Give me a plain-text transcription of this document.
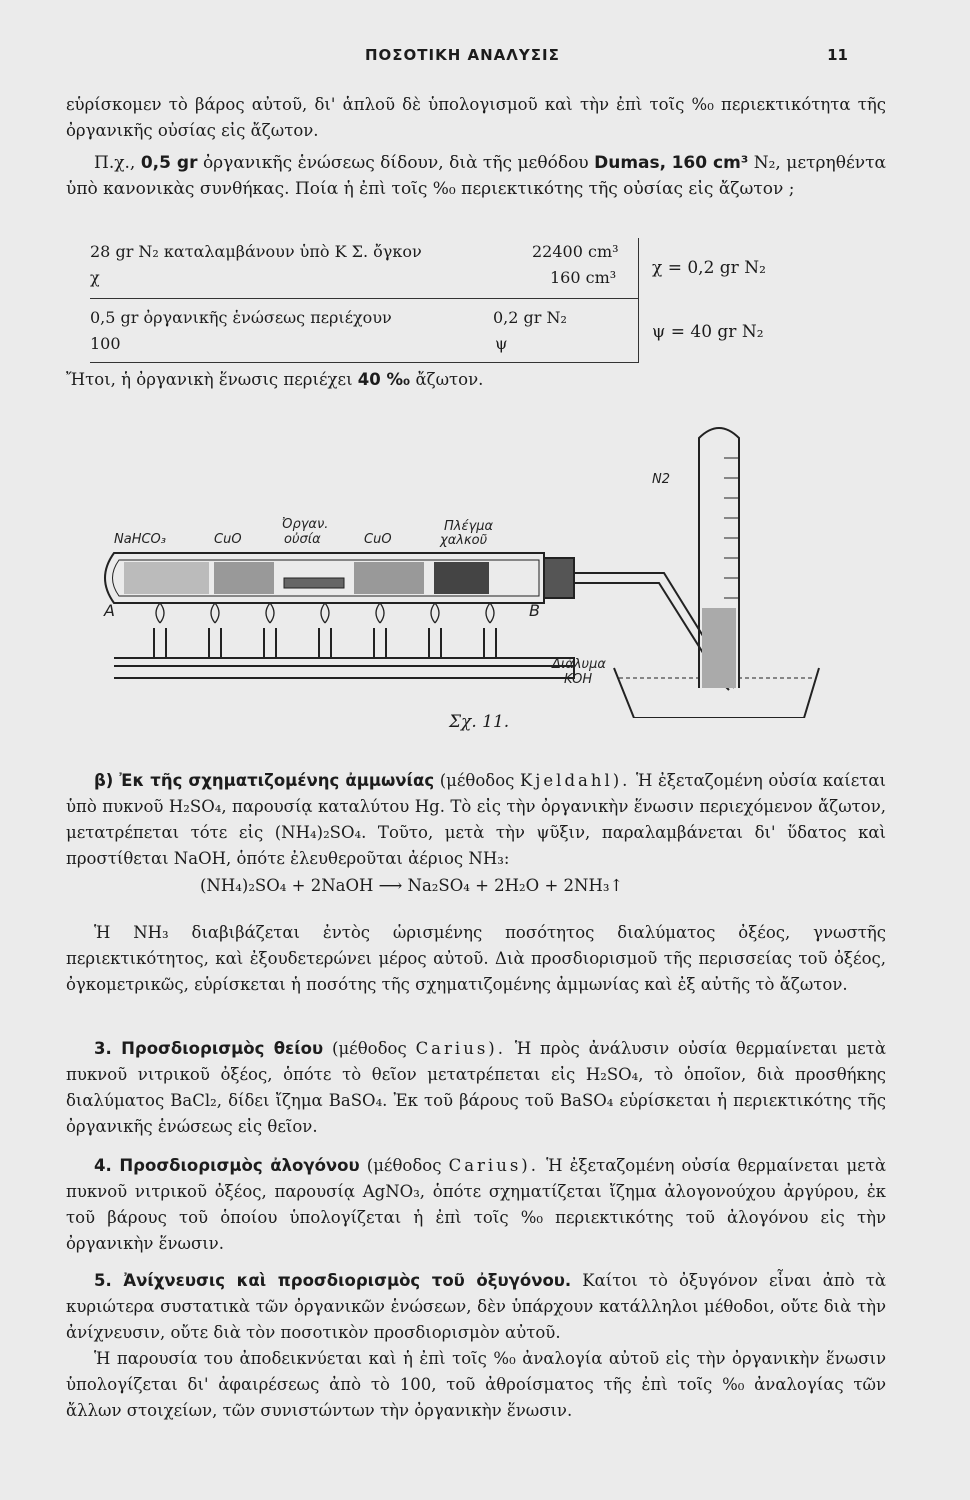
ΠΟΣΟΤΙΚΗ ΑΝΑΛΥΣΙΣ	11

εὑρίσκομεν τὸ βάρος αὐτοῦ, δι' ἁπλοῦ δὲ ὑπολογισμοῦ καὶ τὴν ἐπὶ τοῖς %₀ περιεκτικότητα τῆς ὀργανικῆς οὐσίας εἰς ἄζωτον.

Π.χ., 0,5 gr ὀργανικῆς ἑνώσεως δίδουν, διὰ τῆς μεθόδου Dumas, 160 cm³ N₂, μετρηθέντα ὑπὸ κανονικὰς συνθήκας. Ποία ἡ ἐπὶ τοῖς %₀ περιεκτικότης τῆς οὐσίας εἰς ἄζωτον ;

28 gr N₂ καταλαμβάνουν ὑπὸ Κ Σ. ὄγκον	22400 cm³
χ	160 cm³
0,5 gr ὀργανικῆς ἑνώσεως περιέχουν	0,2 gr N₂
100	ψ
χ = 0,2 gr N₂
ψ = 40 gr N₂

Ἤτοι, ἡ ὀργανικὴ ἕνωσις περιέχει 40 %₀ ἄζωτον.

NaHCO₃	CuO
Ὀργαν.
οὐσία	CuO
Πλέγμα
χαλκοῦ
A	B
N2
Διάλυμα
KOH
Σχ. 11.

β) Ἐκ τῆς σχηματιζομένης ἀμμωνίας (μέθοδος Kjeldahl). Ἡ ἐξεταζομένη οὐσία καίεται ὑπὸ πυκνοῦ H₂SO₄, παρουσίᾳ καταλύτου Hg. Τὸ εἰς τὴν ὀργανικὴν ἕνωσιν περιεχόμενον ἄζωτον, μετατρέπεται τότε εἰς (NH₄)₂SO₄. Τοῦτο, μετὰ τὴν ψῦξιν, παραλαμβάνεται δι' ὕδατος καὶ προστίθεται NaOH, ὁπότε ἐλευθεροῦται ἀέριος NH₃:

(NH₄)₂SO₄ + 2NaOH ⟶ Na₂SO₄ + 2H₂O + 2NH₃↑

Ἡ NH₃ διαβιβάζεται ἐντὸς ὡρισμένης ποσότητος διαλύματος ὀξέος, γνωστῆς περιεκτικότητος, καὶ ἐξουδετερώνει μέρος αὐτοῦ. Διὰ προσδιορισμοῦ τῆς περισσείας τοῦ ὀξέος, ὀγκομετρικῶς, εὑρίσκεται ἡ ποσότης τῆς σχηματιζομένης ἀμμωνίας καὶ ἐξ αὐτῆς τὸ ἄζωτον.

3. Προσδιορισμὸς θείου (μέθοδος Carius). Ἡ πρὸς ἀνάλυσιν οὐσία θερμαίνεται μετὰ πυκνοῦ νιτρικοῦ ὀξέος, ὁπότε τὸ θεῖον μετατρέπεται εἰς H₂SO₄, τὸ ὁποῖον, διὰ προσθήκης διαλύματος BaCl₂, δίδει ἴζημα BaSO₄. Ἐκ τοῦ βάρους τοῦ BaSO₄ εὑρίσκεται ἡ περιεκτικότης τῆς ὀργανικῆς ἑνώσεως εἰς θεῖον.

4. Προσδιορισμὸς ἀλογόνου (μέθοδος Carius). Ἡ ἐξεταζομένη οὐσία θερμαίνεται μετὰ πυκνοῦ νιτρικοῦ ὀξέος, παρουσίᾳ AgNO₃, ὁπότε σχηματίζεται ἴζημα ἀλογονούχου ἀργύρου, ἐκ τοῦ βάρους τοῦ ὁποίου ὑπολογίζεται ἡ ἐπὶ τοῖς %₀ περιεκτικότης τοῦ ἀλογόνου εἰς τὴν ὀργανικὴν ἕνωσιν.

5. Ἀνίχνευσις καὶ προσδιορισμὸς τοῦ ὀξυγόνου. Καίτοι τὸ ὀξυγόνον εἶναι ἀπὸ τὰ κυριώτερα συστατικὰ τῶν ὀργανικῶν ἑνώσεων, δὲν ὑπάρχουν κατάλληλοι μέθοδοι, οὔτε διὰ τὴν ἀνίχνευσιν, οὔτε διὰ τὸν ποσοτικὸν προσδιορισμὸν αὐτοῦ.

Ἡ παρουσία του ἀποδεικνύεται καὶ ἡ ἐπὶ τοῖς %₀ ἀναλογία αὐτοῦ εἰς τὴν ὀργανικὴν ἕνωσιν ὑπολογίζεται δι' ἀφαιρέσεως ἀπὸ τὸ 100, τοῦ ἀθροίσματος τῆς ἐπὶ τοῖς %₀ ἀναλογίας τῶν ἄλλων στοιχείων, τῶν συνιστώντων τὴν ὀργανικὴν ἕνωσιν.
